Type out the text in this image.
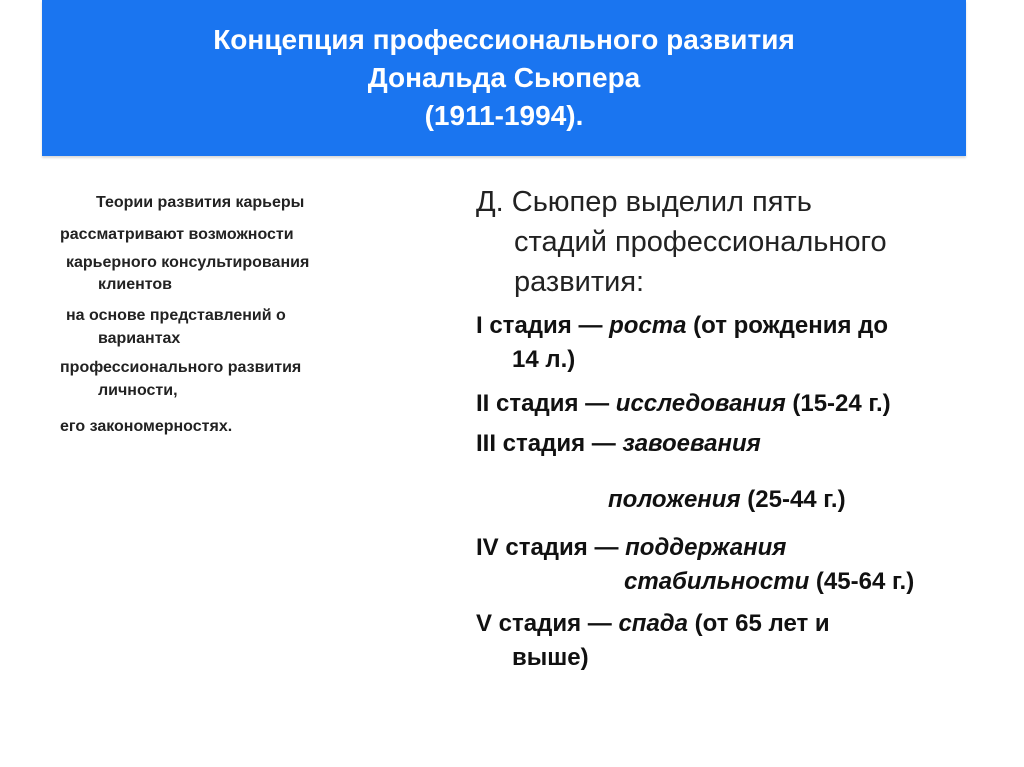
Концепция профессионального развития
Дональда Сьюпера
(1911-1994).
Теории развития карьеры
рассматривают возможности
карьерного консультирования
клиентов
на основе представлений о
вариантах
профессионального развития
личности,
его закономерностях.
Д. Сьюпер выделил пять
стадий профессионального
развития:
I стадия — роста (от рождения до
14 л.)
II стадия — исследования (15-24 г.)
III стадия — завоевания
положения (25-44 г.)
IV стадия — поддержания
стабильности (45-64 г.)
V стадия — спада (от 65 лет и
выше)
